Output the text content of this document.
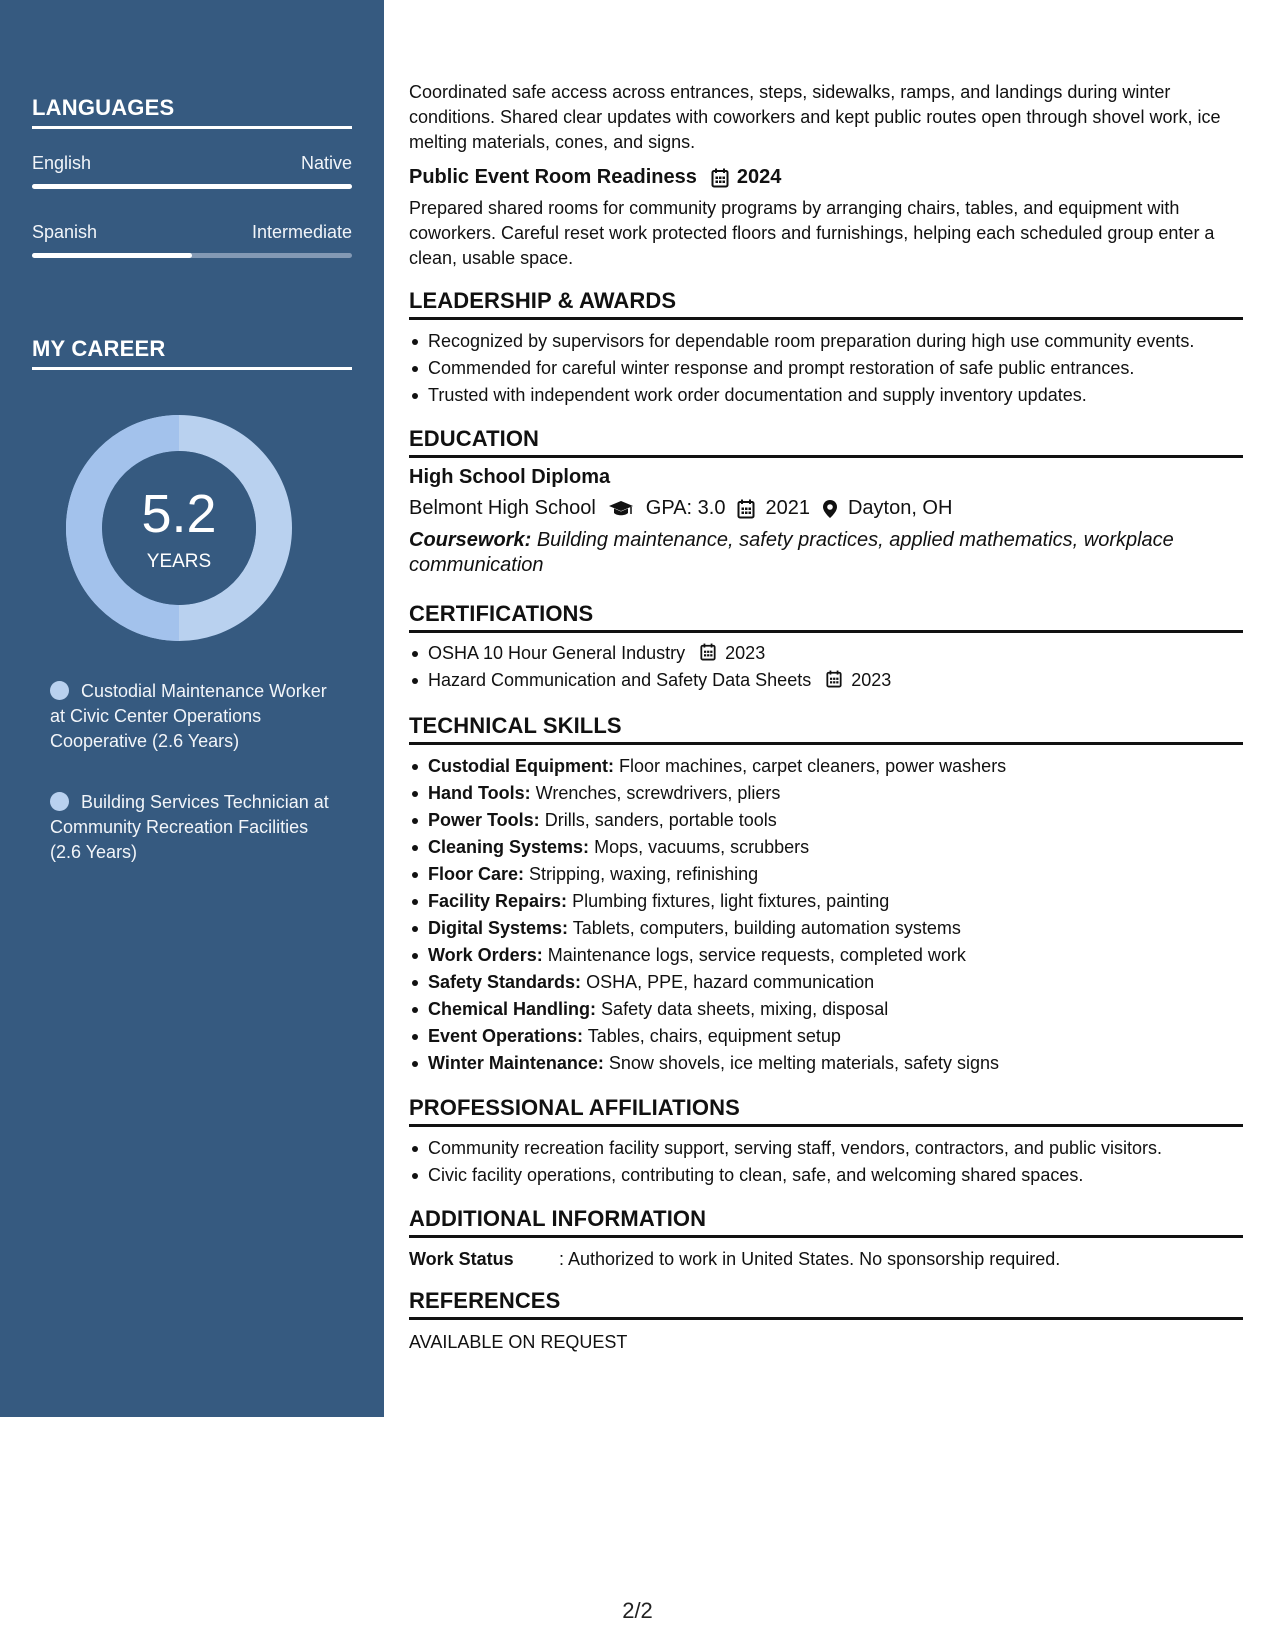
LANGUAGES
English	Native
Spanish	Intermediate
MY CAREER
5.2
YEARS
Custodial Maintenance Worker at Civic Center Operations Cooperative (2.6 Years)
Building Services Technician at Community Recreation Facilities (2.6 Years)

Coordinated safe access across entrances, steps, sidewalks, ramps, and landings during winter conditions. Shared clear updates with coworkers and kept public routes open through shovel work, ice melting materials, cones, and signs.

Public Event Room Readiness 2024

Prepared shared rooms for community programs by arranging chairs, tables, and equipment with coworkers. Careful reset work protected floors and furnishings, helping each scheduled group enter a clean, usable space.

LEADERSHIP & AWARDS
Recognized by supervisors for dependable room preparation during high use community events.
Commended for careful winter response and prompt restoration of safe public entrances.
Trusted with independent work order documentation and supply inventory updates.
EDUCATION
High School Diploma
Belmont High School	GPA: 3.0 2021 Dayton, OH

Coursework: Building maintenance, safety practices, applied mathematics, workplace communication

CERTIFICATIONS
OSHA 10 Hour General Industry 2023
Hazard Communication and Safety Data Sheets 2023
TECHNICAL SKILLS
Custodial Equipment: Floor machines, carpet cleaners, power washers
Hand Tools: Wrenches, screwdrivers, pliers
Power Tools: Drills, sanders, portable tools
Cleaning Systems: Mops, vacuums, scrubbers
Floor Care: Stripping, waxing, refinishing
Facility Repairs: Plumbing fixtures, light fixtures, painting
Digital Systems: Tablets, computers, building automation systems
Work Orders: Maintenance logs, service requests, completed work
Safety Standards: OSHA, PPE, hazard communication
Chemical Handling: Safety data sheets, mixing, disposal
Event Operations: Tables, chairs, equipment setup
Winter Maintenance: Snow shovels, ice melting materials, safety signs
PROFESSIONAL AFFILIATIONS
Community recreation facility support, serving staff, vendors, contractors, and public visitors.
Civic facility operations, contributing to clean, safe, and welcoming shared spaces.
ADDITIONAL INFORMATION
Work Status	: Authorized to work in United States. No sponsorship required.
REFERENCES
AVAILABLE ON REQUEST
2/2
